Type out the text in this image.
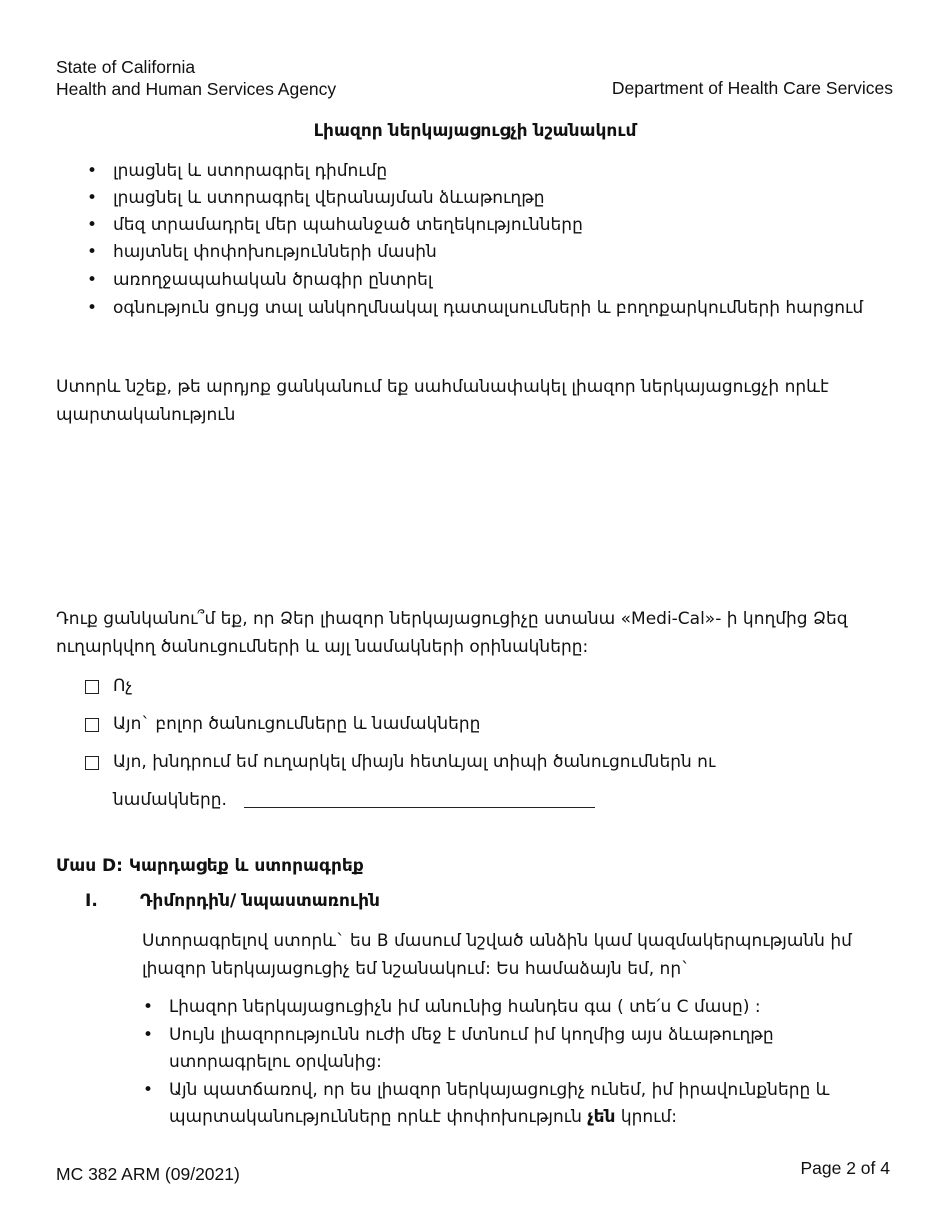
State of California
Health and Human Services Agency	Department of Health Care Services
Լիազոր ներկայացուցչի նշանակում
• լրացնել և ստորագրել դիմումը
• լրացնել և ստորագրել վերանայման ձևաթուղթը
• մեզ տրամադրել մեր պահանջած տեղեկությունները
• հայտնել փոփոխությունների մասին
• առողջապահական ծրագիր ընտրել
• օգնություն ցույց տալ անկողմնակալ դատալսումների և բողոքարկումների հարցում
Ստորև նշեք, թե արդյոք ցանկանում եք սահմանափակել լիազոր ներկայացուցչի որևէ
պարտականություն
Դուք ցանկանու՞մ եք, որ Ձեր լիազոր ներկայացուցիչը ստանա «Medi-Cal»- ի կողմից Ձեզ
ուղարկվող ծանուցումների և այլ նամակների օրինակները:
Ոչ
Այո` բոլոր ծանուցումները և նամակները
Այո, խնդրում եմ ուղարկել միայն հետևյալ տիպի ծանուցումներն ու
նամակները.
Մաս D: Կարդացեք և ստորագրեք
I. Դիմորդին/ նպաստառուին
Ստորագրելով ստորև` ես B մասում նշված անձին կամ կազմակերպությանն իմ
լիազոր ներկայացուցիչ եմ նշանակում: Ես համաձայն եմ, որ`
• Լիազոր ներկայացուցիչն իմ անունից հանդես գա ( տե՛ս C մասը) :
• Սույն լիազորությունն ուժի մեջ է մտնում իմ կողմից այս ձևաթուղթը
ստորագրելու օրվանից:
• Այն պատճառով, որ ես լիազոր ներկայացուցիչ ունեմ, իմ իրավունքները և
պարտականությունները որևէ փոփոխություն չեն կրում:
MC 382 ARM (09/2021)	Page 2 of 4
